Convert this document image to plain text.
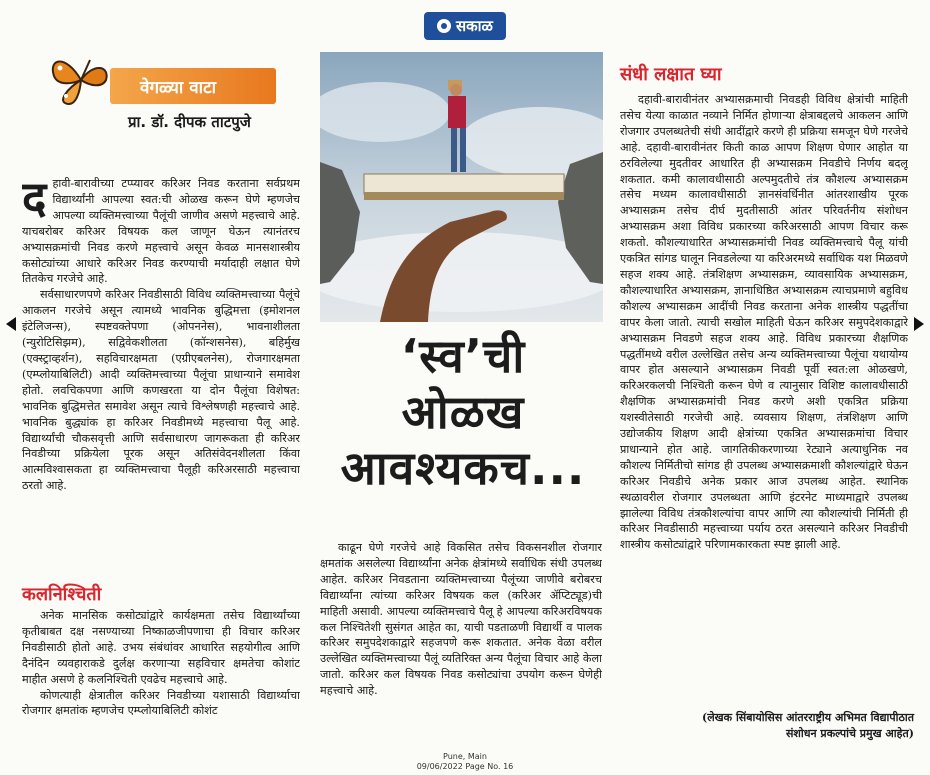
सकाळ
वेगळ्या वाटा
प्रा. डॉ. दीपक ताटपुजे

दहावी-बारावीच्या टप्प्यावर करिअर निवड करताना सर्वप्रथम विद्यार्थ्यांनी आपल्या स्वत:ची ओळख करून घेणे म्हणजेच आपल्या व्यक्तिमत्त्वाच्या पैलूंची जाणीव असणे महत्त्वाचे आहे. याचबरोबर करिअर विषयक कल जाणून घेऊन त्यानंतरच अभ्यासक्रमांची निवड करणे महत्त्वाचे असून केवळ मानसशास्त्रीय कसोट्यांच्या आधारे करिअर निवड करण्याची मर्यादाही लक्षात घेणे तितकेच गरजेचे आहे.

सर्वसाधारणपणे करिअर निवडीसाठी विविध व्यक्तिमत्त्वाच्या पैलूंचे आकलन गरजेचे असून त्यामध्ये भावनिक बुद्धिमत्ता (इमोशनल इंटेलिजन्स), स्पष्टवक्तेपणा (ओपननेस), भावनाशीलता (न्युरोटिसिझम), सद्विवेकशीलता (कॉन्शसनेस), बहिर्मुख (एक्स्ट्राव्हर्शन), सहविचारक्षमता (एग्रीएबलनेस), रोजगारक्षमता (एम्प्लोयाबिलिटी) आदी व्यक्तिमत्त्वाच्या पैलूंचा प्राधान्याने समावेश होतो. लवचिकपणा आणि कणखरता या दोन पैलूंचा विशेषत: भावनिक बुद्धिमत्तेत समावेश असून त्याचे विश्लेषणही महत्त्वाचे आहे. भावनिक बुद्ध्यांक हा करिअर निवडीमध्ये महत्त्वाचा पैलू आहे. विद्यार्थ्यांची चौकसवृत्ती आणि सर्वसाधारण जागरूकता ही करिअर निवडीच्या प्रक्रियेला पूरक असून अतिसंवेदनशीलता किंवा आत्मविश्वासकता हा व्यक्तिमत्त्वाचा पैलूही करिअरसाठी महत्त्वाचा ठरतो आहे.

कलनिश्चिती

अनेक मानसिक कसोट्यांद्वारे कार्यक्षमता तसेच विद्यार्थ्यांच्या कृतीबाबत दक्ष नसण्याच्या निष्काळजीपणाचा ही विचार करिअर निवडीसाठी होतो आहे. उभय संबंधांवर आधारित सहयोगीत्व आणि दैनंदिन व्यवहाराकडे दुर्लक्ष करणाऱ्या सहविचार क्षमतेचा कोशांट माहीत असणे हे कलनिश्चिती एवढेच महत्त्वाचे आहे.

कोणत्याही क्षेत्रातील करिअर निवडीच्या यशासाठी विद्यार्थ्याचा रोजगार क्षमतांक म्हणजेच एम्प्लोयाबिलिटी कोशंट

‘स्व’ची
ओळख
आवश्यकच...

काढून घेणे गरजेचे आहे विकसित तसेच विकसनशील रोजगार क्षमतांक असलेल्या विद्यार्थ्यांना अनेक क्षेत्रांमध्ये सर्वाधिक संधी उपलब्ध आहेत. करिअर निवडताना व्यक्तिमत्त्वाच्या पैलूंच्या जाणीवे बरोबरच विद्यार्थ्यांना त्यांच्या करिअर विषयक कल (करिअर ॲप्टिट्यूड)ची माहिती असावी. आपल्या व्यक्तिमत्त्वाचे पैलू हे आपल्या करिअरविषयक कल निश्चितेशी सुसंगत आहेत का, याची पडताळणी विद्यार्थी व पालक करिअर समुपदेशकाद्वारे सहजपणे करू शकतात. अनेक वेळा वरील उल्लेखित व्यक्तिमत्त्वाच्या पैलूं व्यतिरिक्त अन्य पैलूंचा विचार आहे केला जातो. करिअर कल विषयक निवड कसोट्यांचा उपयोग करून घेणेही महत्त्वाचे आहे.

संधी लक्षात घ्या

दहावी-बारावीनंतर अभ्यासक्रमाची निवडही विविध क्षेत्रांची माहिती तसेच येत्या काळात नव्याने निर्मित होणाऱ्या क्षेत्राबद्दलचे आकलन आणि रोजगार उपलब्धतेची संधी आदींद्वारे करणे ही प्रक्रिया समजून घेणे गरजेचे आहे. दहावी-बारावीनंतर किती काळ आपण शिक्षण घेणार आहोत या ठरविलेल्या मुदतीवर आधारित ही अभ्यासक्रम निवडीचे निर्णय बदलू शकतात. कमी कालावधीसाठी अल्पमुदतीचे तंत्र कौशल्य अभ्यासक्रम तसेच मध्यम कालावधीसाठी ज्ञानसंवर्धिनीत आंतरशाखीय पूरक अभ्यासक्रम तसेच दीर्घ मुदतीसाठी आंतर परिवर्तनीय संशोधन अभ्यासक्रम अशा विविध प्रकारच्या करिअरसाठी आपण विचार करू शकतो. कौशल्याधारित अभ्यासक्रमांची निवड व्यक्तिमत्त्वाचे पैलू यांची एकत्रित सांगड घालून निवडलेल्या या करिअरमध्ये सर्वाधिक यश मिळवणे सहज शक्य आहे. तंत्रशिक्षण अभ्यासक्रम, व्यावसायिक अभ्यासक्रम, कौशल्याधारित अभ्यासक्रम, ज्ञानाधिष्ठित अभ्यासक्रम त्याचप्रमाणे बहुविध कौशल्य अभ्यासक्रम आदींची निवड करताना अनेक शास्त्रीय पद्धतींचा वापर केला जातो. त्याची सखोल माहिती घेऊन करिअर समुपदेशकाद्वारे अभ्यासक्रम निवडणे सहज शक्य आहे. विविध प्रकारच्या शैक्षणिक पद्धतींमध्ये वरील उल्लेखित तसेच अन्य व्यक्तिमत्त्वाच्या पैलूंचा यथायोग्य वापर होत असल्याने अभ्यासक्रम निवडी पूर्वी स्वत:ला ओळखणे, करिअरकलची निश्चिती करून घेणे व त्यानुसार विशिष्ट कालावधीसाठी शैक्षणिक अभ्यासक्रमांची निवड करणे अशी एकत्रित प्रक्रिया यशस्वीतेसाठी गरजेची आहे. व्यवसाय शिक्षण, तंत्रशिक्षण आणि उद्योजकीय शिक्षण आदी क्षेत्रांच्या एकत्रित अभ्यासक्रमांचा विचार प्राधान्याने होत आहे. जागतिकीकरणाच्या रेट्याने अत्याधुनिक नव कौशल्य निर्मितीचो सांगड ही उपलब्ध अभ्यासक्रमाशी कौशल्यांद्वारे घेऊन करिअर निवडीचे अनेक प्रकार आज उपलब्ध आहेत. स्थानिक स्थळावरील रोजगार उपलब्धता आणि इंटरनेट माध्यमाद्वारे उपलब्ध झालेल्या विविध तंत्रकौशल्यांचा वापर आणि त्या कौशल्यांची निर्मिती ही करिअर निवडीसाठी महत्त्वाच्या पर्याय ठरत असल्याने करिअर निवडीची शास्त्रीय कसोट्यांद्वारे परिणामकारकता स्पष्ट झाली आहे.

(लेखक सिंबायोसिस आंतरराष्ट्रीय अभिमत विद्यापीठात
संशोधन प्रकल्पांचे प्रमुख आहेत)
Pune, Main
09/06/2022 Page No. 16
